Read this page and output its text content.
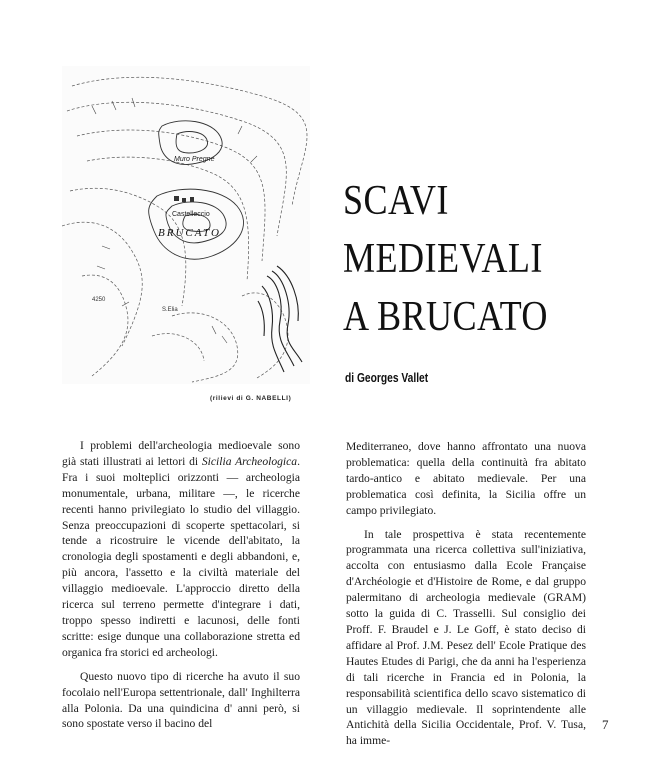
Muro Pregne
Castelleccio
BRUCATO
S.Elia
4250
(rilievi di G. NABELLI)
SCAVI
MEDIEVALI
A BRUCATO
di Georges Vallet

I problemi dell'archeologia medioevale sono già stati illustrati ai lettori di Sicilia Archeologica. Fra i suoi molteplici orizzonti — archeologia monumentale, urbana, militare —, le ricerche recenti hanno privilegiato lo studio del villaggio. Senza preoccupazioni di scoperte spettacolari, si tende a ricostruire le vicende dell'abitato, la cronologia degli spostamenti e degli abbandoni, e, più ancora, l'assetto e la civiltà materiale del villaggio medioevale. L'approccio diretto della ricerca sul terreno permette d'integrare i dati, troppo spesso indiretti e lacunosi, delle fonti scritte: esige dunque una collaborazione stretta ed organica fra storici ed archeologi.

Questo nuovo tipo di ricerche ha avuto il suo focolaio nell'Europa settentrionale, dall' Inghilterra alla Polonia. Da una quindicina d' anni però, si sono spostate verso il bacino del

Mediterraneo, dove hanno affrontato una nuova problematica: quella della continuità fra abitato tardo-antico e abitato medievale. Per una problematica così definita, la Sicilia offre un campo privilegiato.

In tale prospettiva è stata recentemente programmata una ricerca collettiva sull'iniziativa, accolta con entusiasmo dalla Ecole Française d'Archéologie et d'Histoire de Rome, e dal gruppo palermitano di archeologia medievale (GRAM) sotto la guida di C. Trasselli. Sul consiglio dei Proff. F. Braudel e J. Le Goff, è stato deciso di affidare al Prof. J.M. Pesez dell' Ecole Pratique des Hautes Etudes di Parigi, che da anni ha l'esperienza di tali ricerche in Francia ed in Polonia, la responsabilità scientifica dello scavo sistematico di un villaggio medievale. Il soprintendente alle Antichità della Sicilia Occidentale, Prof. V. Tusa, ha imme-

7
